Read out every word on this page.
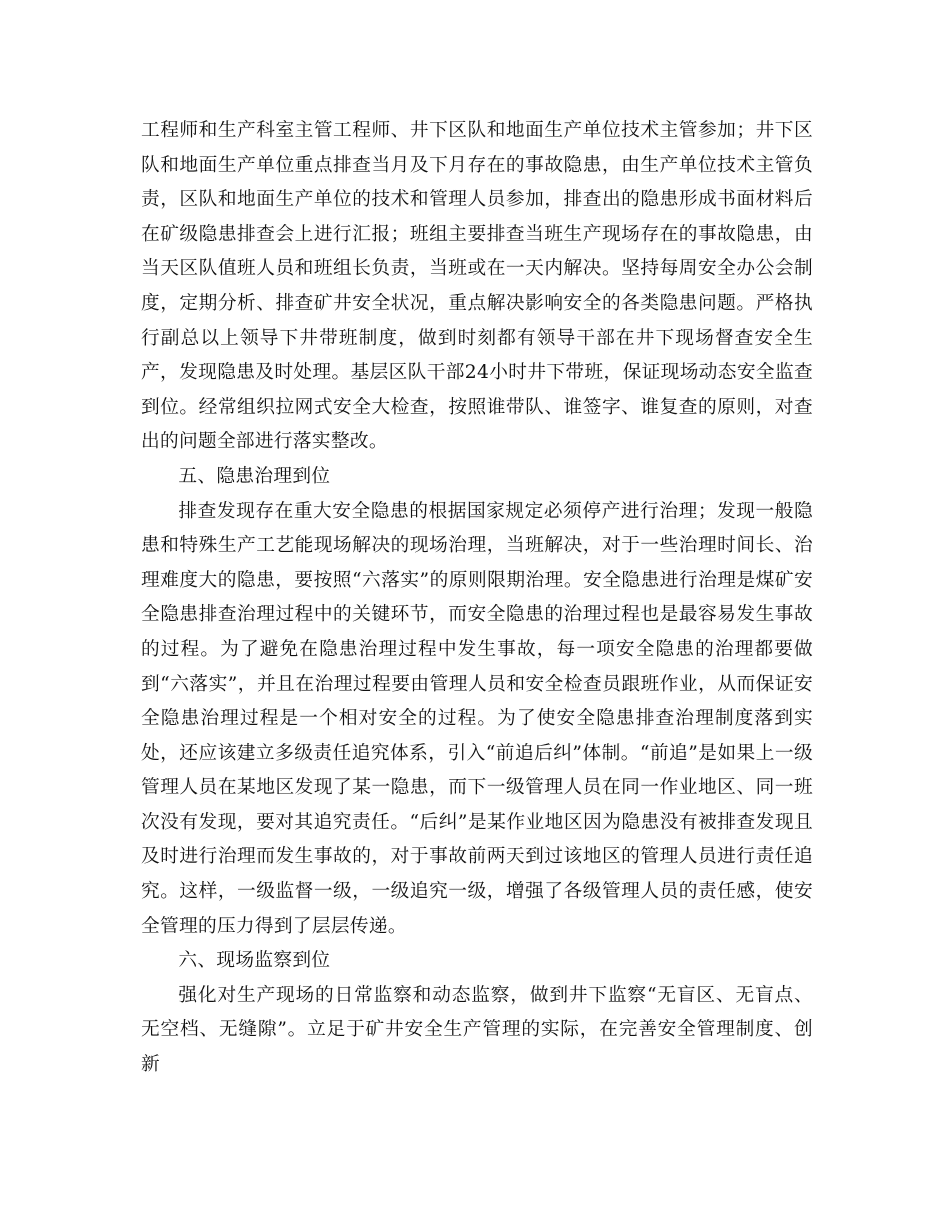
工程师和生产科室主管工程师、井下区队和地面生产单位技术主管参加；井下区队和地面生产单位重点排查当月及下月存在的事故隐患，由生产单位技术主管负责，区队和地面生产单位的技术和管理人员参加，排查出的隐患形成书面材料后在矿级隐患排查会上进行汇报；班组主要排查当班生产现场存在的事故隐患，由当天区队值班人员和班组长负责，当班或在一天内解决。坚持每周安全办公会制度，定期分析、排查矿井安全状况，重点解决影响安全的各类隐患问题。严格执行副总以上领导下井带班制度，做到时刻都有领导干部在井下现场督查安全生产，发现隐患及时处理。基层区队干部24小时井下带班，保证现场动态安全监查到位。经常组织拉网式安全大检查，按照谁带队、谁签字、谁复查的原则，对查出的问题全部进行落实整改。

五、隐患治理到位

排查发现存在重大安全隐患的根据国家规定必须停产进行治理；发现一般隐患和特殊生产工艺能现场解决的现场治理，当班解决，对于一些治理时间长、治理难度大的隐患，要按照“六落实”的原则限期治理。安全隐患进行治理是煤矿安全隐患排查治理过程中的关键环节，而安全隐患的治理过程也是最容易发生事故的过程。为了避免在隐患治理过程中发生事故，每一项安全隐患的治理都要做到“六落实”，并且在治理过程要由管理人员和安全检查员跟班作业，从而保证安全隐患治理过程是一个相对安全的过程。为了使安全隐患排查治理制度落到实处，还应该建立多级责任追究体系，引入“前追后纠”体制。“前追”是如果上一级管理人员在某地区发现了某一隐患，而下一级管理人员在同一作业地区、同一班次没有发现，要对其追究责任。“后纠”是某作业地区因为隐患没有被排查发现且及时进行治理而发生事故的，对于事故前两天到过该地区的管理人员进行责任追究。这样，一级监督一级，一级追究一级，增强了各级管理人员的责任感，使安全管理的压力得到了层层传递。

六、现场监察到位

强化对生产现场的日常监察和动态监察，做到井下监察“无盲区、无盲点、无空档、无缝隙”。立足于矿井安全生产管理的实际，在完善安全管理制度、创新
